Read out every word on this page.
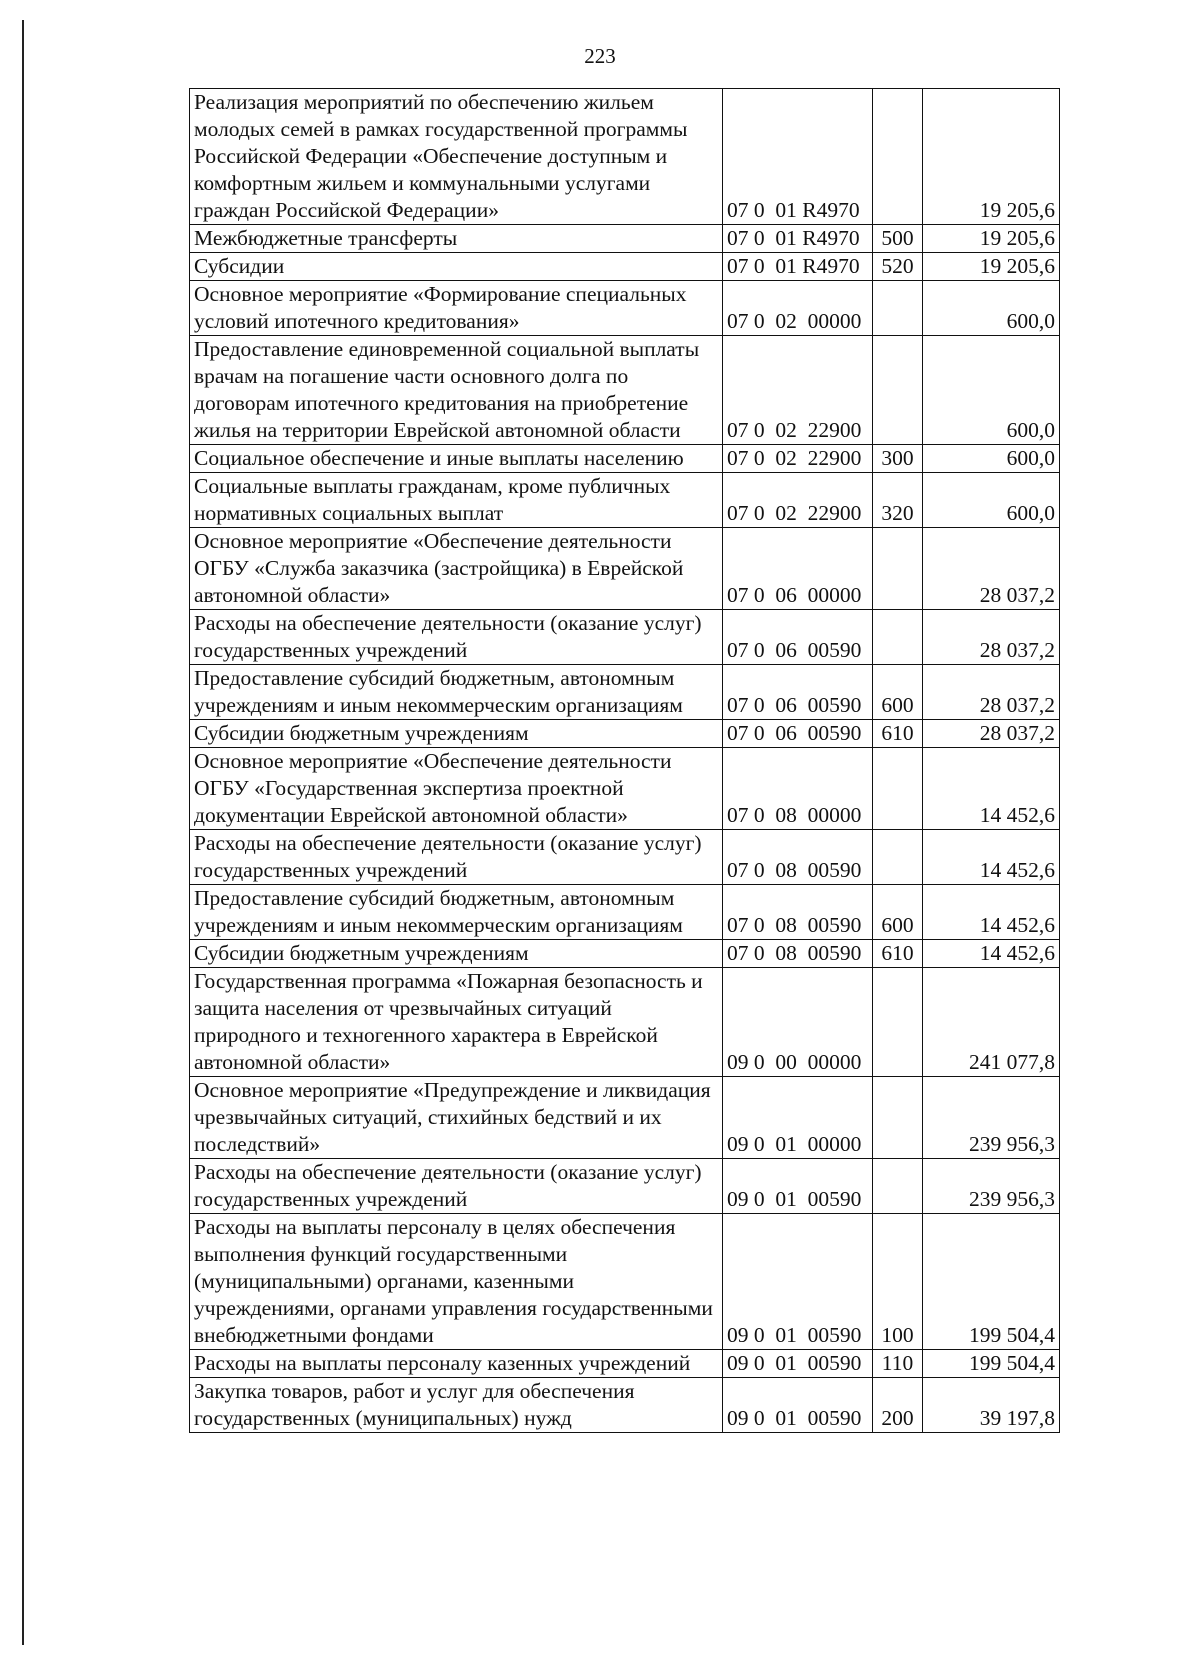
223
Реализация мероприятий по обеспечению жильем молодых семей в рамках государственной программы Российской Федерации «Обеспечение доступным и комфортным жильем и коммунальными услугами граждан Российской Федерации»	07 0  01 R4970		19 205,6
Межбюджетные трансферты	07 0  01 R4970	500	19 205,6
Субсидии	07 0  01 R4970	520	19 205,6
Основное мероприятие «Формирование специальных условий ипотечного кредитования»	07 0  02  00000		600,0
Предоставление единовременной социальной выплаты врачам на погашение части основного долга по договорам ипотечного кредитования на приобретение жилья на территории Еврейской автономной области	07 0  02  22900		600,0
Социальное обеспечение и иные выплаты населению	07 0  02  22900	300	600,0
Социальные выплаты гражданам, кроме публичных нормативных социальных выплат	07 0  02  22900	320	600,0
Основное мероприятие «Обеспечение деятельности ОГБУ «Служба заказчика (застройщика) в Еврейской автономной области»	07 0  06  00000		28 037,2
Расходы на обеспечение деятельности (оказание услуг) государственных учреждений	07 0  06  00590		28 037,2
Предоставление субсидий бюджетным, автономным учреждениям и иным некоммерческим организациям	07 0  06  00590	600	28 037,2
Субсидии бюджетным учреждениям	07 0  06  00590	610	28 037,2
Основное мероприятие «Обеспечение деятельности ОГБУ «Государственная экспертиза проектной документации Еврейской автономной области»	07 0  08  00000		14 452,6
Расходы на обеспечение деятельности (оказание услуг) государственных учреждений	07 0  08  00590		14 452,6
Предоставление субсидий бюджетным, автономным учреждениям и иным некоммерческим организациям	07 0  08  00590	600	14 452,6
Субсидии бюджетным учреждениям	07 0  08  00590	610	14 452,6
Государственная программа «Пожарная безопасность и защита населения от чрезвычайных ситуаций природного и техногенного характера в Еврейской автономной области»	09 0  00  00000		241 077,8
Основное мероприятие «Предупреждение и ликвидация чрезвычайных ситуаций, стихийных бедствий и их последствий»	09 0  01  00000		239 956,3
Расходы на обеспечение деятельности (оказание услуг) государственных учреждений	09 0  01  00590		239 956,3
Расходы на выплаты персоналу в целях обеспечения выполнения функций государственными (муниципальными) органами, казенными учреждениями, органами управления государственными внебюджетными фондами	09 0  01  00590	100	199 504,4
Расходы на выплаты персоналу казенных учреждений	09 0  01  00590	110	199 504,4
Закупка товаров, работ и услуг для обеспечения государственных (муниципальных) нужд	09 0  01  00590	200	39 197,8
